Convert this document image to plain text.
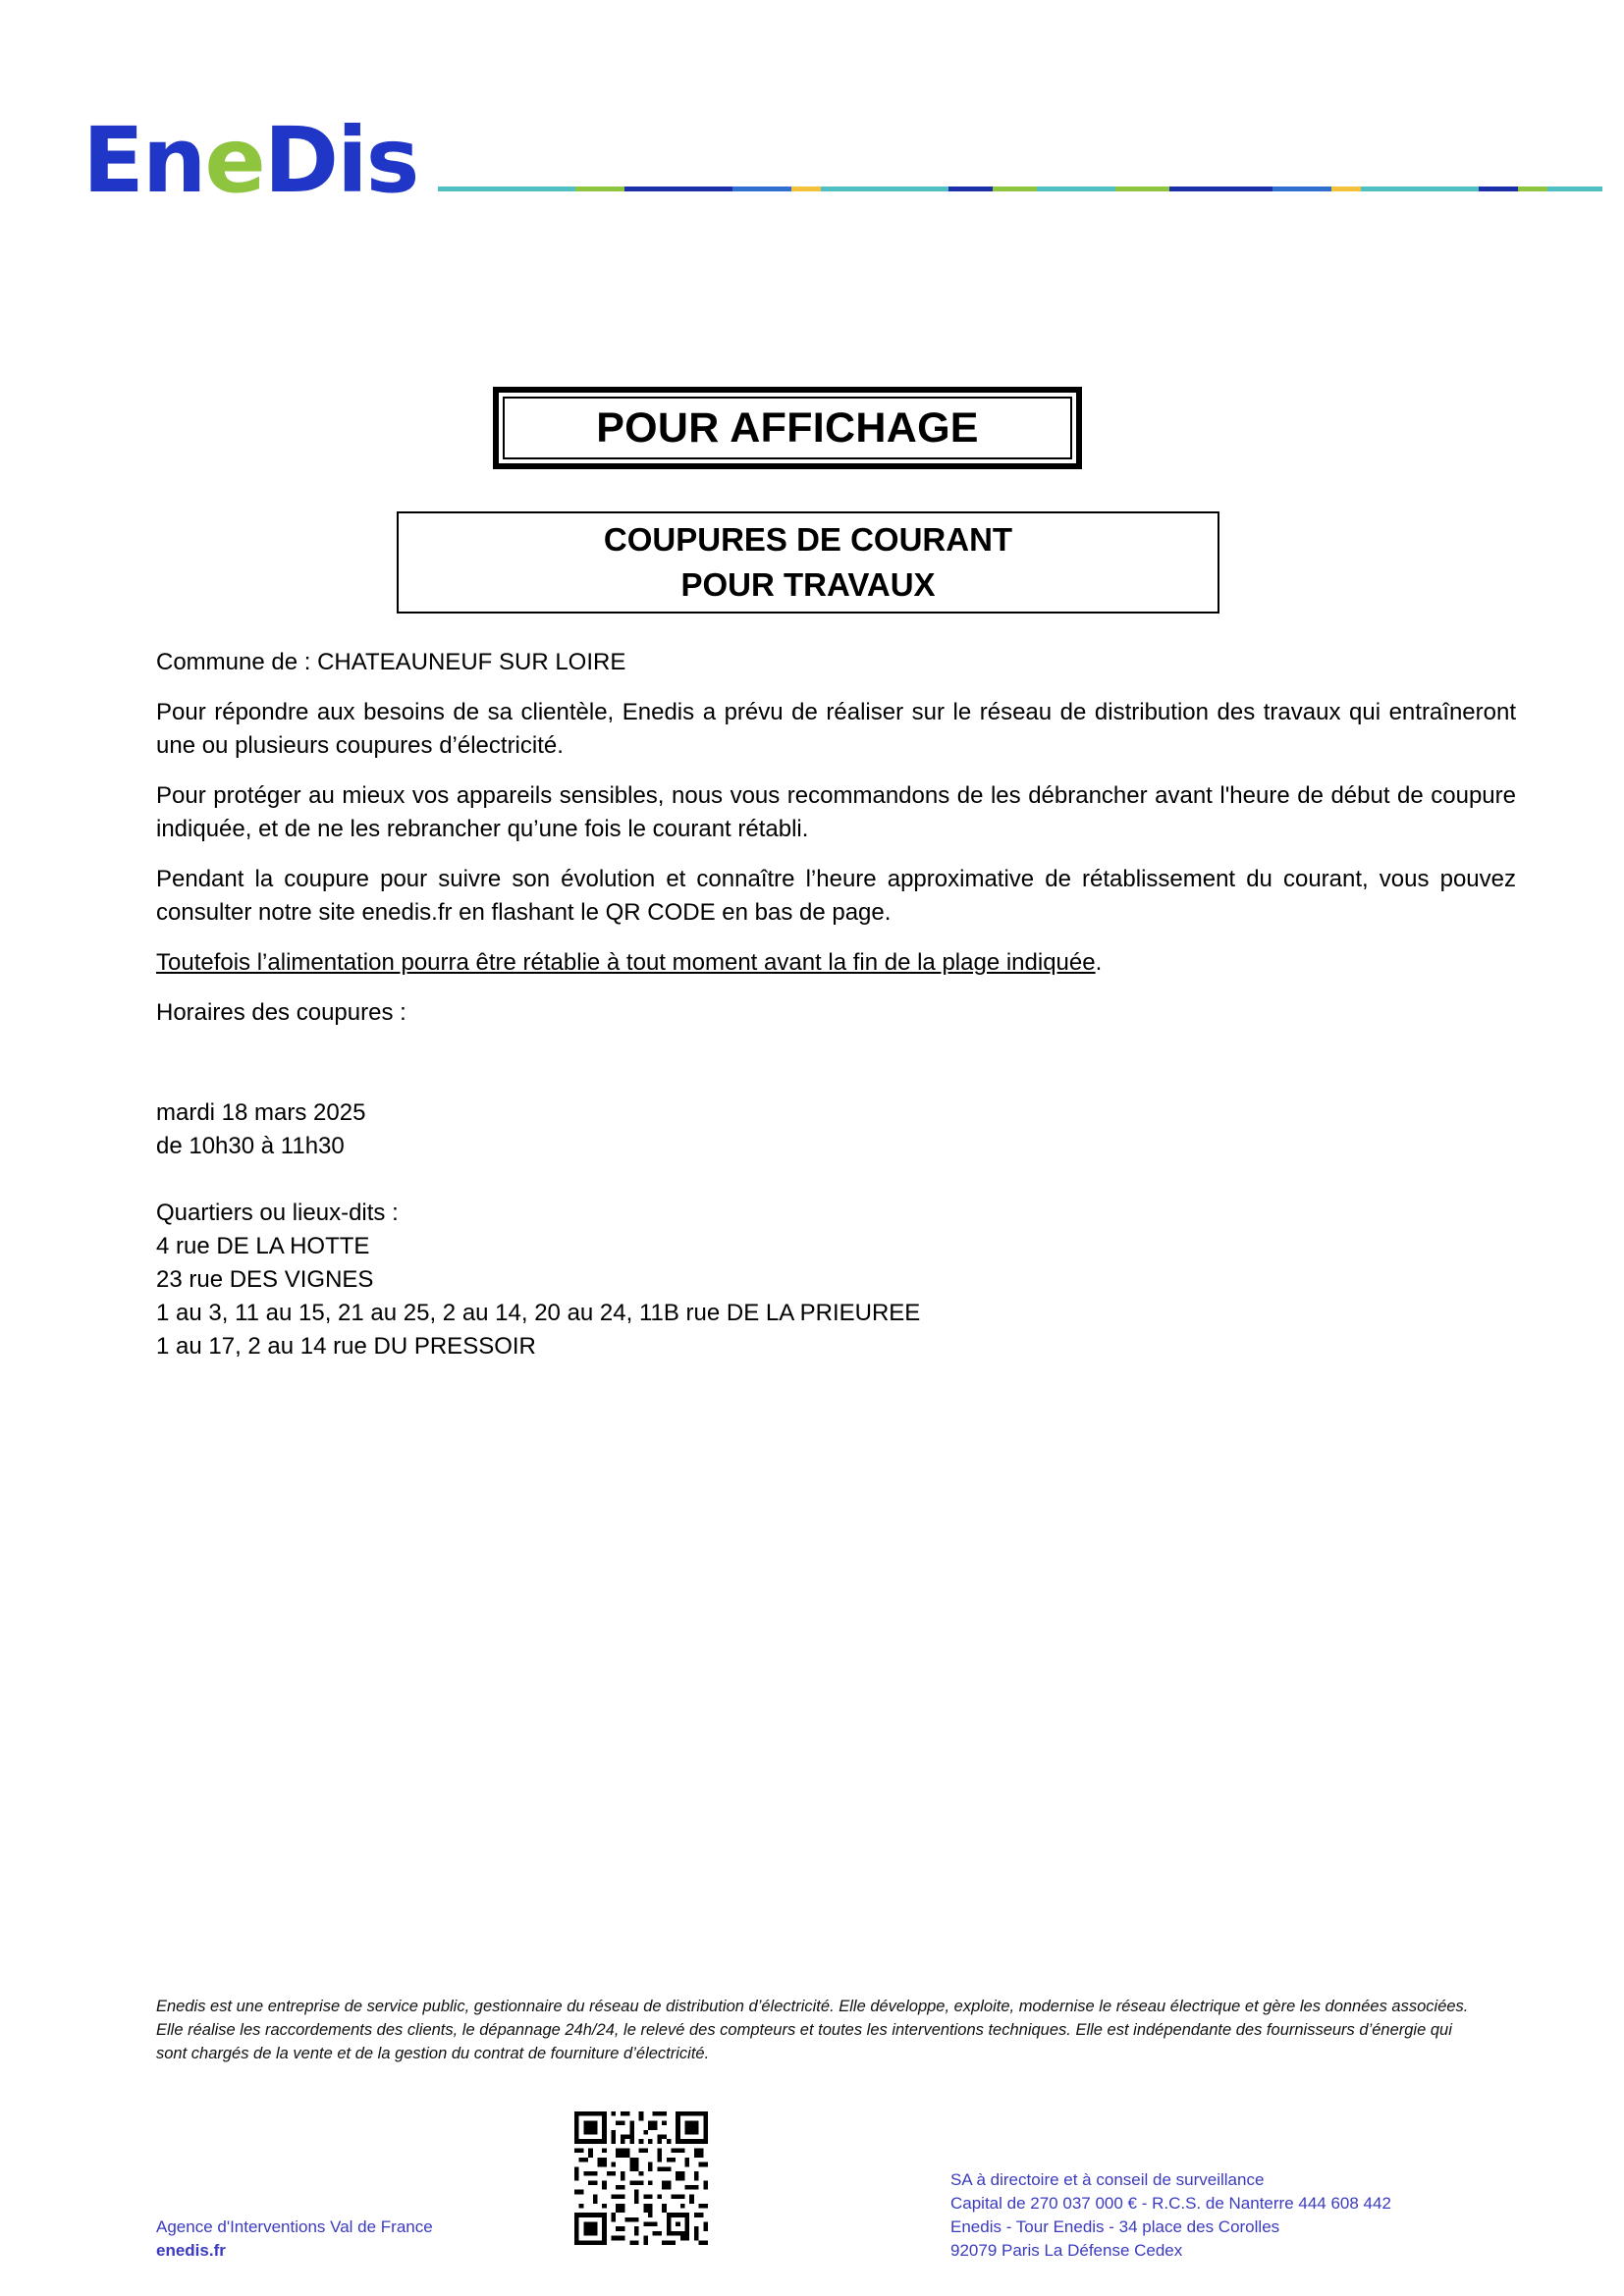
EneDis
POUR AFFICHAGE
COUPURES DE COURANT
POUR TRAVAUX

Commune de : CHATEAUNEUF SUR LOIRE

Pour répondre aux besoins de sa clientèle, Enedis a prévu de réaliser sur le réseau de distribution des travaux qui entraîneront une ou plusieurs coupures d’électricité.

Pour protéger au mieux vos appareils sensibles, nous vous recommandons de les débrancher avant l'heure de début de coupure indiquée, et de ne les rebrancher qu’une fois le courant rétabli.

Pendant la coupure pour suivre son évolution et connaître l’heure approximative de rétablissement du courant, vous pouvez consulter notre site enedis.fr en flashant le QR CODE en bas de page.

Toutefois l’alimentation pourra être rétablie à tout moment avant la fin de la plage indiquée.

Horaires des coupures :

mardi 18 mars 2025
de 10h30 à 11h30
Quartiers ou lieux-dits :
4 rue DE LA HOTTE
23 rue DES VIGNES
1 au 3, 11 au 15, 21 au 25, 2 au 14, 20 au 24, 11B rue DE LA PRIEUREE
1 au 17, 2 au 14 rue DU PRESSOIR
Enedis est une entreprise de service public, gestionnaire du réseau de distribution d’électricité. Elle développe, exploite, modernise le réseau électrique et gère les données associées. Elle réalise les raccordements des clients, le dépannage 24h/24, le relevé des compteurs et toutes les interventions techniques. Elle est indépendante des fournisseurs d’énergie qui sont chargés de la vente et de la gestion du contrat de fourniture d’électricité.
Agence d'Interventions Val de France
enedis.fr
SA à directoire et à conseil de surveillance
Capital de 270 037 000 € - R.C.S. de Nanterre 444 608 442
Enedis - Tour Enedis - 34 place des Corolles
92079 Paris La Défense Cedex
